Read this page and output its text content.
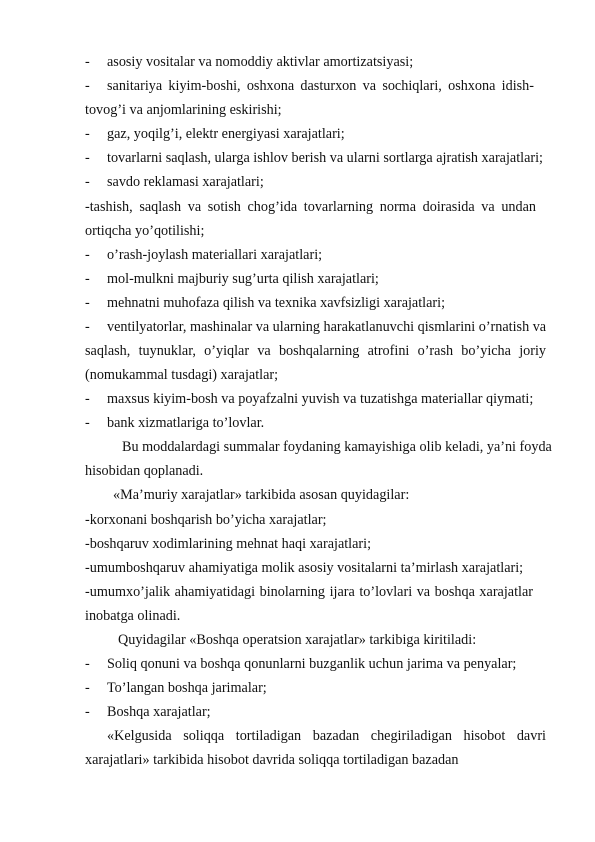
- asosiy vositalar va nomoddiy aktivlar amortizatsiyasi;
- sanitariya kiyim-boshi, oshxona dasturxon va sochiqlari, oshxona idish-
tovog’i va anjomlarining eskirishi;
- gaz, yoqilg’i, elektr energiyasi xarajatlari;
- tovarlarni saqlash, ularga ishlov berish va ularni sortlarga ajratish xarajatlari;
- savdo reklamasi xarajatlari;
-tashish, saqlash va sotish chog’ida tovarlarning norma doirasida va undan
ortiqcha yo’qotilishi;
- o’rash-joylash materiallari xarajatlari;
- mol-mulkni majburiy sug’urta qilish xarajatlari;
- mehnatni muhofaza qilish va texnika xavfsizligi xarajatlari;
- ventilyatorlar, mashinalar va ularning harakatlanuvchi qismlarini o’rnatish va
saqlash, tuynuklar, o’yiqlar va boshqalarning atrofini o’rash bo’yicha joriy
(nomukammal tusdagi) xarajatlar;
- maxsus kiyim-bosh va poyafzalni yuvish va tuzatishga materiallar qiymati;
- bank xizmatlariga to’lovlar.
Bu moddalardagi summalar foydaning kamayishiga olib keladi, ya’ni foyda
hisobidan qoplanadi.
«Ma’muriy xarajatlar» tarkibida asosan quyidagilar:
-korxonani boshqarish bo’yicha xarajatlar;
-boshqaruv xodimlarining mehnat haqi xarajatlari;
-umumboshqaruv ahamiyatiga molik asosiy vositalarni ta’mirlash xarajatlari;
-umumxo’jalik ahamiyatidagi binolarning ijara to’lovlari va boshqa xarajatlar
inobatga olinadi.
Quyidagilar «Boshqa operatsion xarajatlar» tarkibiga kiritiladi:
- Soliq qonuni va boshqa qonunlarni buzganlik uchun jarima va penyalar;
- To’langan boshqa jarimalar;
- Boshqa xarajatlar;
«Kelgusida soliqqa tortiladigan bazadan chegiriladigan hisobot davri
xarajatlari» tarkibida hisobot davrida soliqqa tortiladigan bazadan
